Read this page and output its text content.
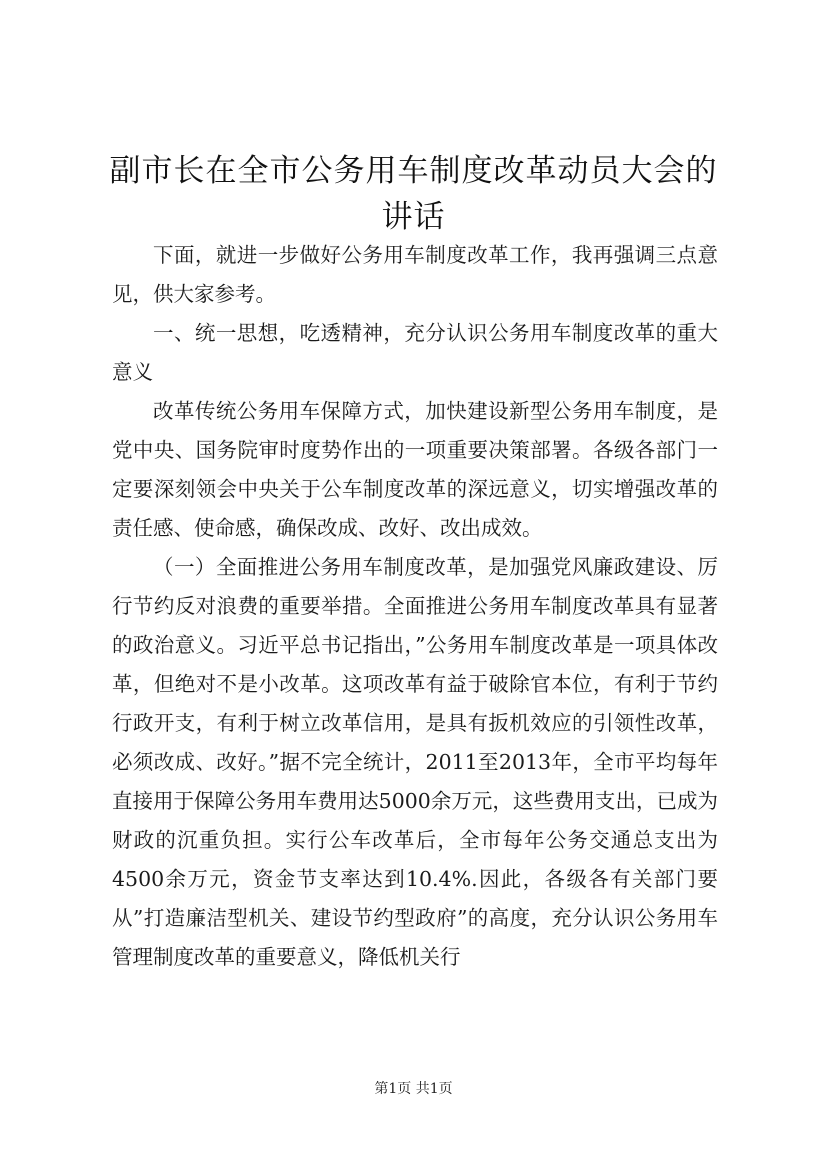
副市长在全市公务用车制度改革动员大会的讲话

下面，就进一步做好公务用车制度改革工作，我再强调三点意见，供大家参考。

一、统一思想，吃透精神，充分认识公务用车制度改革的重大意义

改革传统公务用车保障方式，加快建设新型公务用车制度，是党中央、国务院审时度势作出的一项重要决策部署。各级各部门一定要深刻领会中央关于公车制度改革的深远意义，切实增强改革的责任感、使命感，确保改成、改好、改出成效。

（一）全面推进公务用车制度改革，是加强党风廉政建设、厉行节约反对浪费的重要举措。全面推进公务用车制度改革具有显著的政治意义。习近平总书记指出，”公务用车制度改革是一项具体改革，但绝对不是小改革。这项改革有益于破除官本位，有利于节约行政开支，有利于树立改革信用，是具有扳机效应的引领性改革，必须改成、改好。”据不完全统计，2011至2013年，全市平均每年直接用于保障公务用车费用达5000余万元，这些费用支出，已成为财政的沉重负担。实行公车改革后，全市每年公务交通总支出为4500余万元，资金节支率达到10.4%.因此，各级各有关部门要从”打造廉洁型机关、建设节约型政府”的高度，充分认识公务用车管理制度改革的重要意义，降低机关行

第1页 共1页
